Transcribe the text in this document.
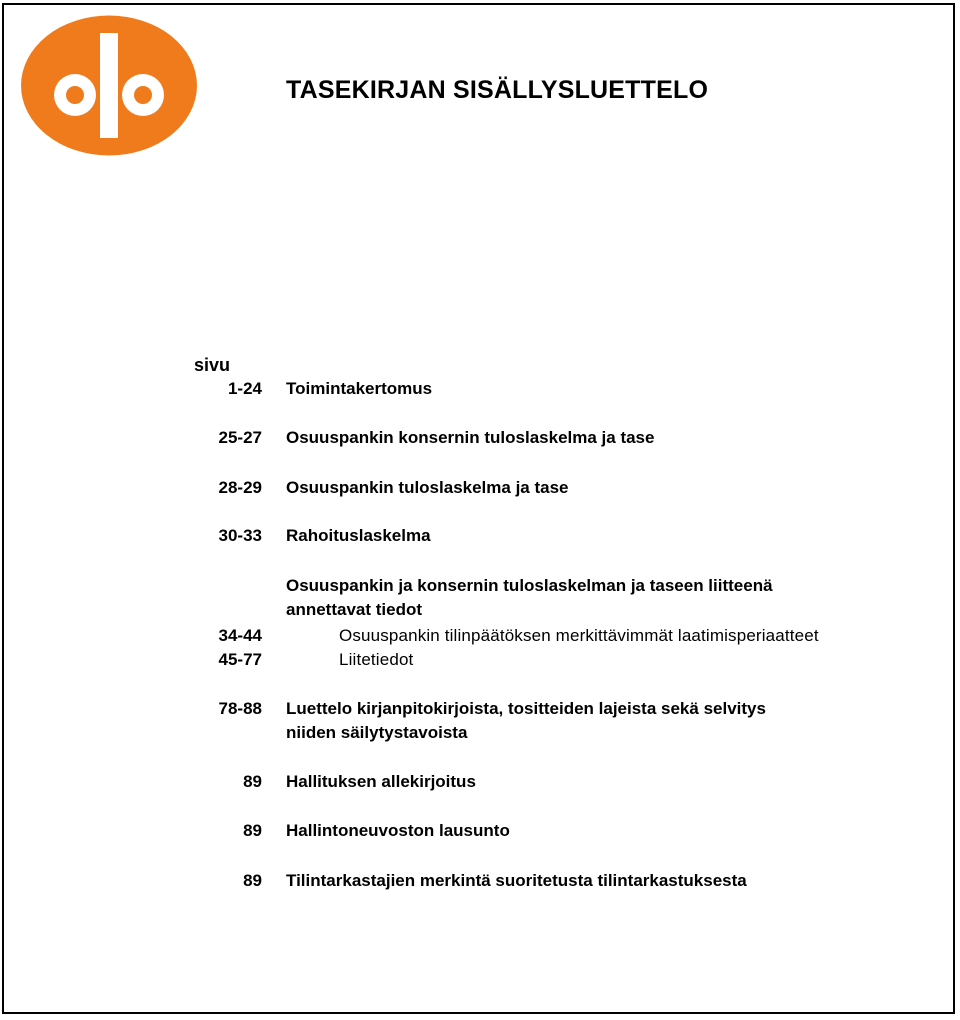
TASEKIRJAN SISÄLLYSLUETTELO
sivu
1-24 Toimintakertomus
25-27 Osuuspankin konsernin tuloslaskelma ja tase
28-29 Osuuspankin tuloslaskelma ja tase
30-33 Rahoituslaskelma
Osuuspankin ja konsernin tuloslaskelman ja taseen liitteenä
annettavat tiedot
34-44	Osuuspankin tilinpäätöksen merkittävimmät laatimisperiaatteet
45-77	Liitetiedot
78-88 Luettelo kirjanpitokirjoista, tositteiden lajeista sekä selvitys
niiden säilytystavoista
89 Hallituksen allekirjoitus
89 Hallintoneuvoston lausunto
89 Tilintarkastajien merkintä suoritetusta tilintarkastuksesta
